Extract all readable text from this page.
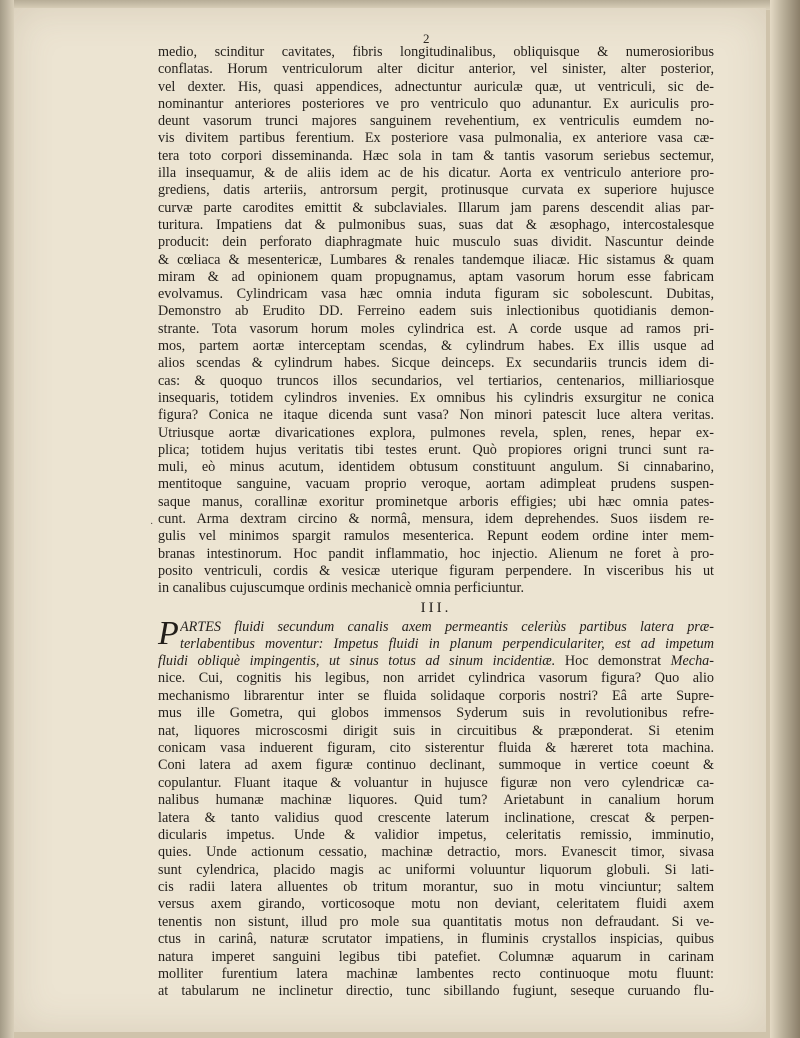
2
medio, scinditur cavitates, fibris longitudinalibus, obliquisque & numerosioribus
conflatas. Horum ventriculorum alter dicitur anterior, vel sinister, alter posterior,
vel dexter. His, quasi appendices, adnectuntur auriculæ quæ, ut ventriculi, sic de-
nominantur anteriores posteriores ve pro ventriculo quo adunantur. Ex auriculis pro-
deunt vasorum trunci majores sanguinem revehentium, ex ventriculis eumdem no-
vis divitem partibus ferentium. Ex posteriore vasa pulmonalia, ex anteriore vasa cæ-
tera toto corpori disseminanda. Hæc sola in tam & tantis vasorum seriebus sectemur,
illa insequamur, & de aliis idem ac de his dicatur. Aorta ex ventriculo anteriore pro-
grediens, datis arteriis, antrorsum pergit, protinusque curvata ex superiore hujusce
curvæ parte carodites emittit & subclaviales. Illarum jam parens descendit alias par-
turitura. Impatiens dat & pulmonibus suas, suas dat & æsophago, intercostalesque
producit: dein perforato diaphragmate huic musculo suas dividit. Nascuntur deinde
& cœliaca & mesentericæ, Lumbares & renales tandemque iliacæ. Hic sistamus & quam
miram & ad opinionem quam propugnamus, aptam vasorum horum esse fabricam
evolvamus. Cylindricam vasa hæc omnia induta figuram sic sobolescunt. Dubitas,
Demonstro ab Erudito DD. Ferreino eadem suis inlectionibus quotidianis demon-
strante. Tota vasorum horum moles cylindrica est. A corde usque ad ramos pri-
mos, partem aortæ interceptam scendas, & cylindrum habes. Ex illis usque ad
alios scendas & cylindrum habes. Sicque deinceps. Ex secundariis truncis idem di-
cas: & quoquo truncos illos secundarios, vel tertiarios, centenarios, milliariosque
insequaris, totidem cylindros invenies. Ex omnibus his cylindris exsurgitur ne conica
figura? Conica ne itaque dicenda sunt vasa? Non minori patescit luce altera veritas.
Utriusque aortæ divaricationes explora, pulmones revela, splen, renes, hepar ex-
plica; totidem hujus veritatis tibi testes erunt. Quò propiores origni trunci sunt ra-
muli, eò minus acutum, identidem obtusum constituunt angulum. Si cinnabarino,
mentitoque sanguine, vacuam proprio veroque, aortam adimpleat prudens suspen-
saque manus, corallinæ exoritur prominetque arboris effigies; ubi hæc omnia pates-
cunt. Arma dextram circino & normâ, mensura, idem deprehendes. Suos iisdem re-
gulis vel minimos spargit ramulos mesenterica. Repunt eodem ordine inter mem-
branas intestinorum. Hoc pandit inflammatio, hoc injectio. Alienum ne foret à pro-
posito ventriculi, cordis & vesicæ uterique figuram perpendere. In visceribus his ut
in canalibus cujuscumque ordinis mechanicè omnia perficiuntur.
III.
P ARTES fluidi secundum canalis axem permeantis celeriùs partibus latera præ-
terlabentibus moventur: Impetus fluidi in planum perpendiculariter, est ad impetum
fluidi obliquè impingentis, ut sinus totus ad sinum incidentiæ. Hoc demonstrat Mecha-
nice. Cui, cognitis his legibus, non arridet cylindrica vasorum figura? Quo alio
mechanismo librarentur inter se fluida solidaque corporis nostri? Eâ arte Supre-
mus ille Gometra, qui globos immensos Syderum suis in revolutionibus refre-
nat, liquores microscosmi dirigit suis in circuitibus & præponderat. Si etenim
conicam vasa induerent figuram, cito sisterentur fluida & hæreret tota machina.
Coni latera ad axem figuræ continuo declinant, summoque in vertice coeunt &
copulantur. Fluant itaque & voluantur in hujusce figuræ non vero cylendricæ ca-
nalibus humanæ machinæ liquores. Quid tum? Arietabunt in canalium horum
latera & tanto validius quod crescente laterum inclinatione, crescat & perpen-
dicularis impetus. Unde & validior impetus, celeritatis remissio, imminutio,
quies. Unde actionum cessatio, machinæ detractio, mors. Evanescit timor, sivasa
sunt cylendrica, placido magis ac uniformi voluuntur liquorum globuli. Si lati-
cis radii latera alluentes ob tritum morantur, suo in motu vinciuntur; saltem
versus axem girando, vorticosoque motu non deviant, celeritatem fluidi axem
tenentis non sistunt, illud pro mole sua quantitatis motus non defraudant. Si ve-
ctus in carinâ, naturæ scrutator impatiens, in fluminis crystallos inspicias, quibus
natura imperet sanguini legibus tibi patefiet. Columnæ aquarum in carinam
molliter furentium latera machinæ lambentes recto continuoque motu fluunt:
at tabularum ne inclinetur directio, tunc sibillando fugiunt, seseque curuando flu-
·
